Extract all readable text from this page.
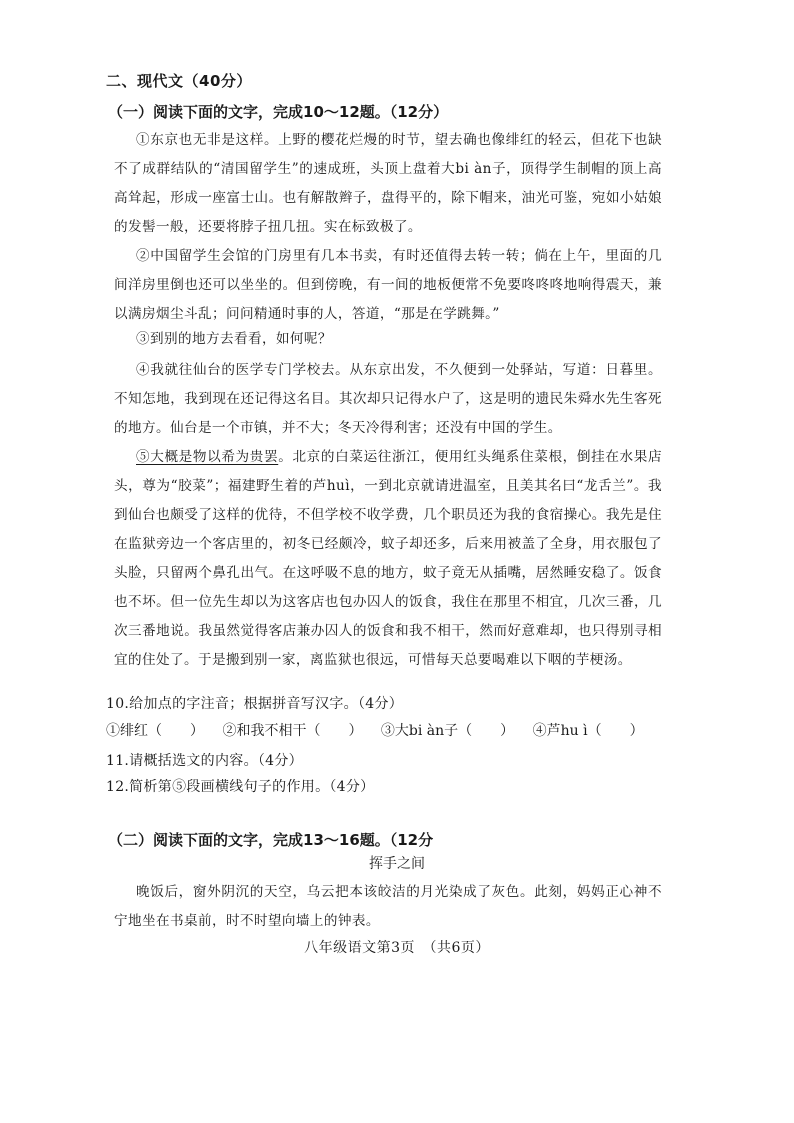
二、现代文（40分）
（一）阅读下面的文字，完成10～12题。（12分）
①东京也无非是这样。上野的樱花烂熳的时节，望去确也像绯红的轻云，但花下也缺不了成群结队的“清国留学生”的速成班，头顶上盘着大bi àn子，顶得学生制帽的顶上高高耸起，形成一座富士山。也有解散辫子，盘得平的，除下帽来，油光可鉴，宛如小姑娘的发髻一般，还要将脖子扭几扭。实在标致极了。
②中国留学生会馆的门房里有几本书卖，有时还值得去转一转；倘在上午，里面的几间洋房里倒也还可以坐坐的。但到傍晚，有一间的地板便常不免要咚咚咚地响得震天，兼以满房烟尘斗乱；问问精通时事的人，答道，“那是在学跳舞。”
③到别的地方去看看，如何呢？
④我就往仙台的医学专门学校去。从东京出发，不久便到一处驿站，写道：日暮里。不知怎地，我到现在还记得这名目。其次却只记得水户了，这是明的遗民朱舜水先生客死的地方。仙台是一个市镇，并不大；冬天冷得利害；还没有中国的学生。
⑤大概是物以希为贵罢。北京的白菜运往浙江，便用红头绳系住菜根，倒挂在水果店头，尊为“胶菜”；福建野生着的芦huì，一到北京就请进温室，且美其名曰“龙舌兰”。我到仙台也颇受了这样的优待，不但学校不收学费，几个职员还为我的食宿操心。我先是住在监狱旁边一个客店里的，初冬已经颇冷，蚊子却还多，后来用被盖了全身，用衣服包了头脸，只留两个鼻孔出气。在这呼吸不息的地方，蚊子竟无从插嘴，居然睡安稳了。饭食也不坏。但一位先生却以为这客店也包办囚人的饭食，我住在那里不相宜，几次三番，几次三番地说。我虽然觉得客店兼办囚人的饭食和我不相干，然而好意难却，也只得别寻相宜的住处了。于是搬到别一家，离监狱也很远，可惜每天总要喝难以下咽的芋梗汤。
10.给加点的字注音；根据拼音写汉字。（4分）
①绯红（　　） ②和我不相干（　　） ③大bi àn子（　　） ④芦hu ì（　　）
11.请概括选文的内容。（4分）
12.简析第⑤段画横线句子的作用。（4分）
（二）阅读下面的文字，完成13～16题。（12分
挥手之间
晚饭后，窗外阴沉的天空，乌云把本该皎洁的月光染成了灰色。此刻，妈妈正心神不宁地坐在书桌前，时不时望向墙上的钟表。
八年级语文第3页　（共6页）
